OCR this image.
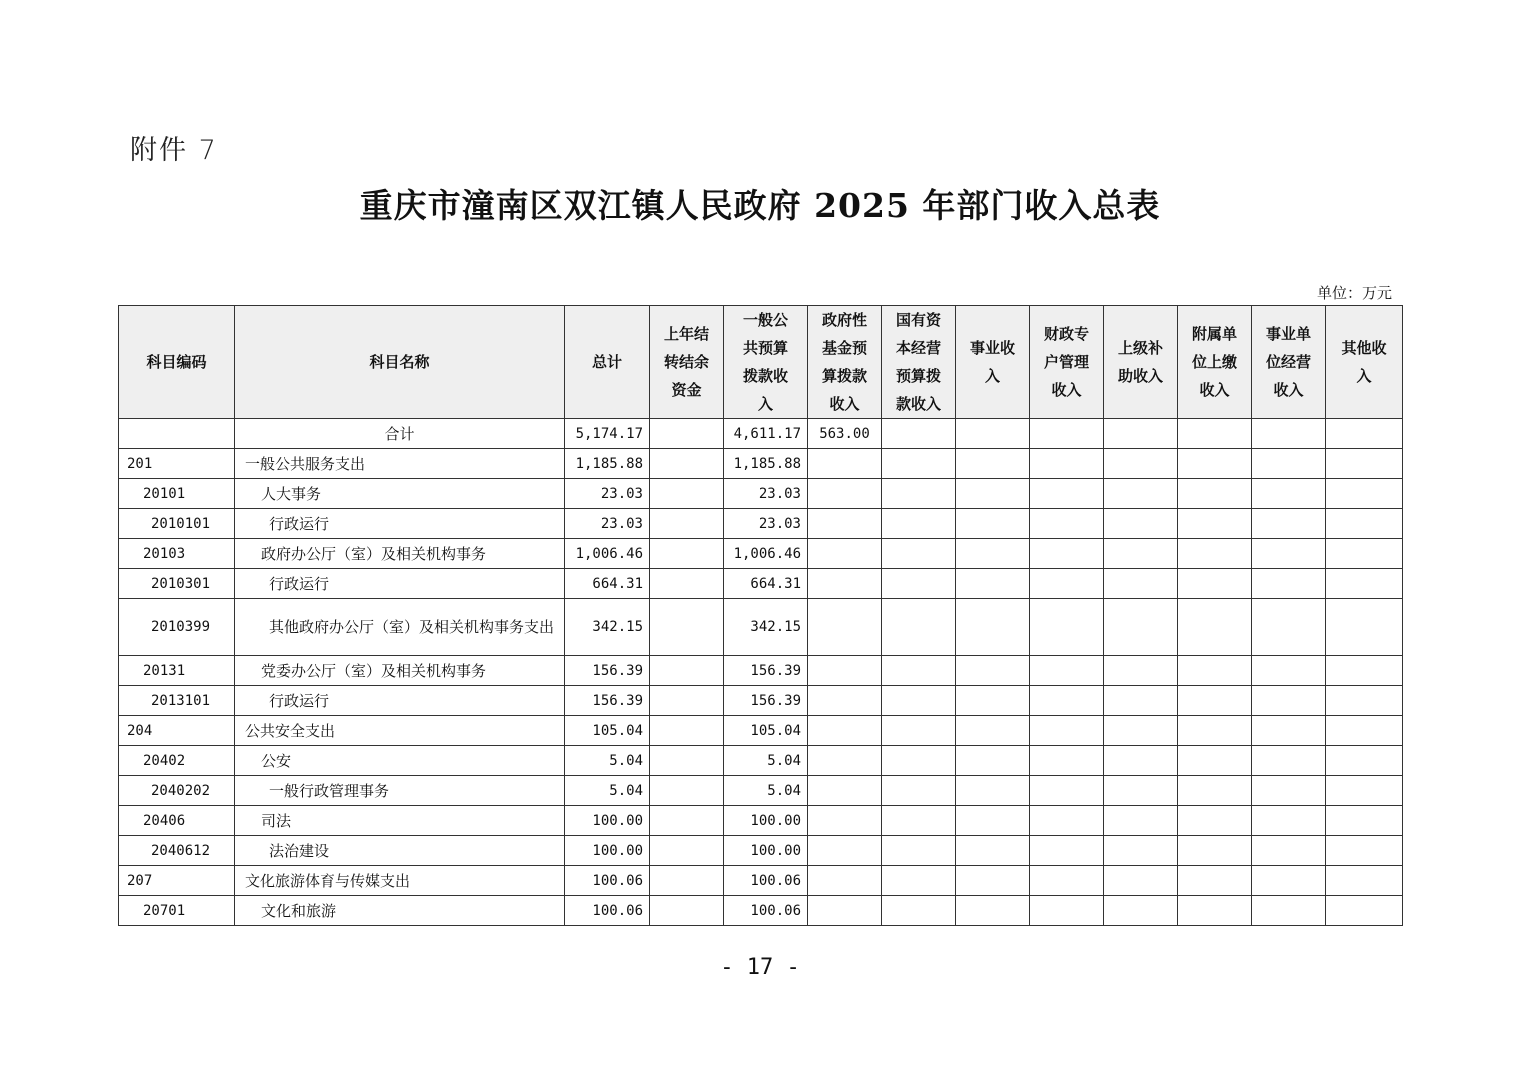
附件 7
重庆市潼南区双江镇人民政府 2025 年部门收入总表
单位：万元
科目编码	科目名称	总计	上年结转结余资金	一般公共预算拨款收入	政府性基金预算拨款收入	国有资本经营预算拨款收入	事业收入	财政专户管理收入	上级补助收入	附属单位上缴收入	事业单位经营收入	其他收入
	合计	5,174.17		4,611.17	563.00							
201	一般公共服务支出	1,185.88		1,185.88								
20101	人大事务	23.03		23.03								
2010101	行政运行	23.03		23.03								
20103	政府办公厅（室）及相关机构事务	1,006.46		1,006.46								
2010301	行政运行	664.31		664.31								
2010399	其他政府办公厅（室）及相关机构事务支出	342.15		342.15								
20131	党委办公厅（室）及相关机构事务	156.39		156.39								
2013101	行政运行	156.39		156.39								
204	公共安全支出	105.04		105.04								
20402	公安	5.04		5.04								
2040202	一般行政管理事务	5.04		5.04								
20406	司法	100.00		100.00								
2040612	法治建设	100.00		100.00								
207	文化旅游体育与传媒支出	100.06		100.06								
20701	文化和旅游	100.06		100.06								
- 17 -
